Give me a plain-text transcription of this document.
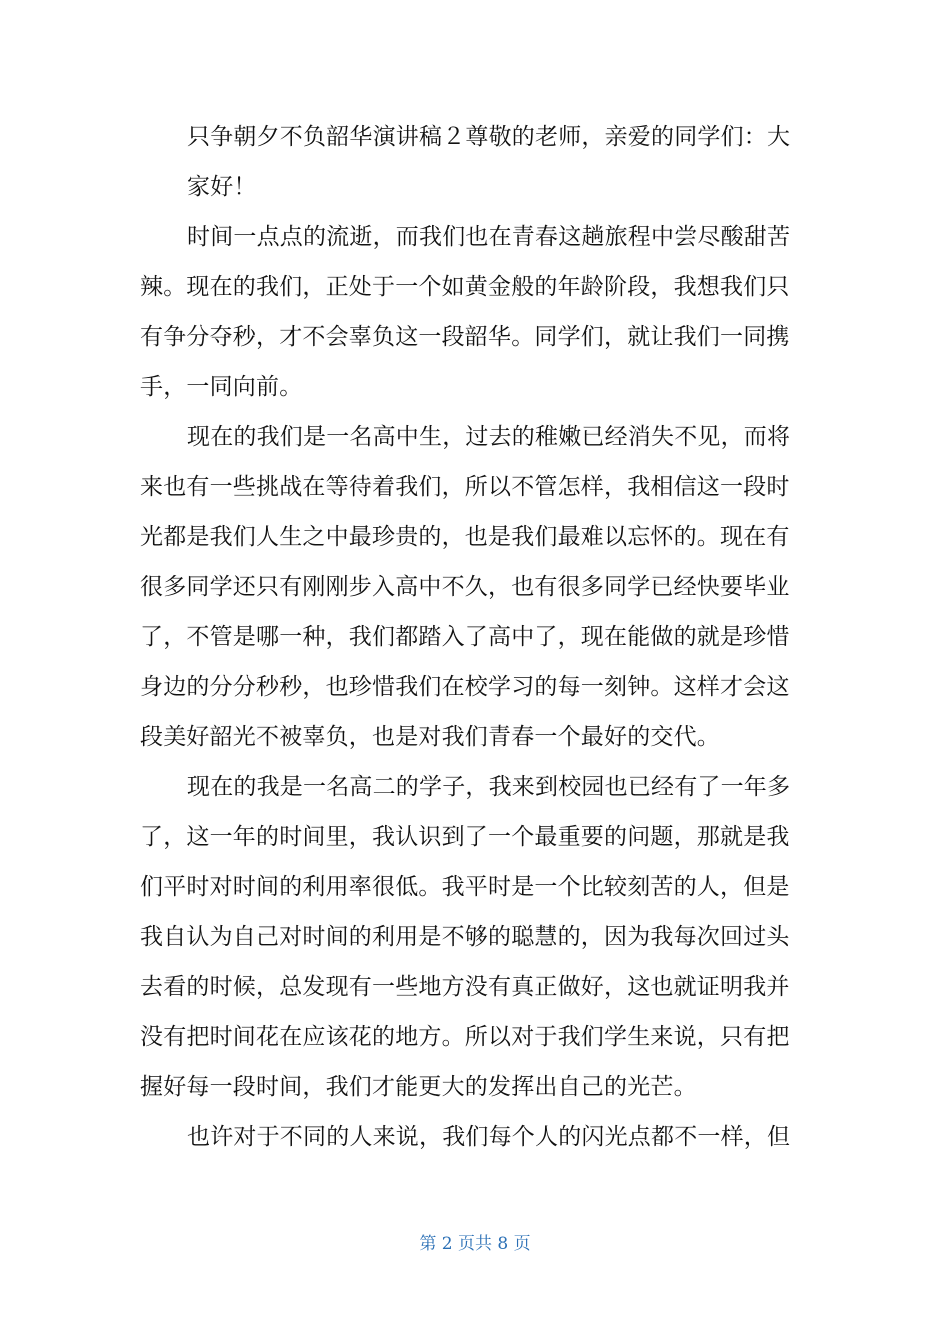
只争朝夕不负韶华演讲稿２尊敬的老师，亲爱的同学们：大
家好！
时间一点点的流逝，而我们也在青春这趟旅程中尝尽酸甜苦
辣。现在的我们，正处于一个如黄金般的年龄阶段，我想我们只
有争分夺秒，才不会辜负这一段韶华。同学们，就让我们一同携
手，一同向前。
现在的我们是一名高中生，过去的稚嫩已经消失不见，而将
来也有一些挑战在等待着我们，所以不管怎样，我相信这一段时
光都是我们人生之中最珍贵的，也是我们最难以忘怀的。现在有
很多同学还只有刚刚步入高中不久，也有很多同学已经快要毕业
了，不管是哪一种，我们都踏入了高中了，现在能做的就是珍惜
身边的分分秒秒，也珍惜我们在校学习的每一刻钟。这样才会这
段美好韶光不被辜负，也是对我们青春一个最好的交代。
现在的我是一名高二的学子，我来到校园也已经有了一年多
了，这一年的时间里，我认识到了一个最重要的问题，那就是我
们平时对时间的利用率很低。我平时是一个比较刻苦的人，但是
我自认为自己对时间的利用是不够的聪慧的，因为我每次回过头
去看的时候，总发现有一些地方没有真正做好，这也就证明我并
没有把时间花在应该花的地方。所以对于我们学生来说，只有把
握好每一段时间，我们才能更大的发挥出自己的光芒。
也许对于不同的人来说，我们每个人的闪光点都不一样，但
第 2 页共 8 页
